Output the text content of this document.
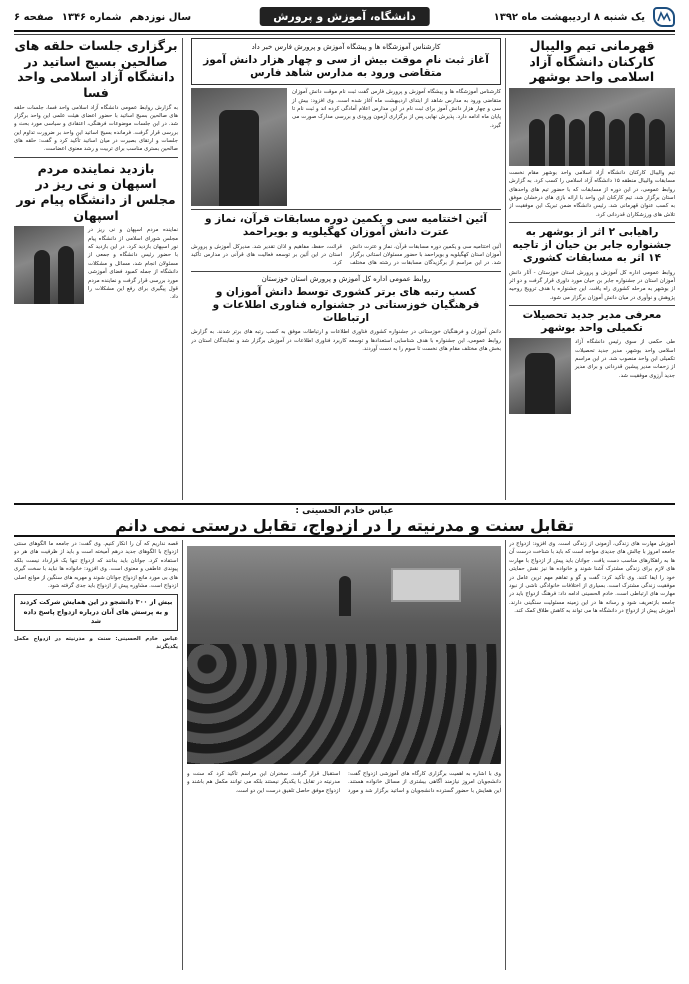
یک شنبه ۸ اردیبهشت ماه ۱۳۹۲
دانشگاه، آموزش و پرورش
سال نوزدهم
شماره ۱۳۴۶
صفحه ۶
قهرمانی تیم والیبال کارکنان دانشگاه آزاد اسلامی واحد بوشهر
تیم والیبال کارکنان دانشگاه آزاد اسلامی واحد بوشهر مقام نخست مسابقات والیبال منطقه ۱۵ دانشگاه آزاد اسلامی را کسب کرد. به گزارش روابط عمومی، در این دوره از مسابقات که با حضور تیم های واحدهای استان برگزار شد، تیم کارکنان این واحد با ارائه بازی های درخشان موفق به کسب عنوان قهرمانی شد. رئیس دانشگاه ضمن تبریک این موفقیت از تلاش های ورزشکاران قدردانی کرد.
راهیابی ۲ اثر از بوشهر به جشنواره جابر بن حیان از تاجیه ۱۴ اثر به مسابقات کشوری
روابط عمومی اداره کل آموزش و پرورش استان خوزستان - آثار دانش آموزان استان در جشنواره جابر بن حیان مورد داوری قرار گرفت و دو اثر از بوشهر به مرحله کشوری راه یافت. این جشنواره با هدف ترویج روحیه پژوهش و نوآوری در میان دانش آموزان برگزار می شود.
معرفی مدیر جدید تحصیلات تکمیلی واحد بوشهر
طی حکمی از سوی رئیس دانشگاه آزاد اسلامی واحد بوشهر، مدیر جدید تحصیلات تکمیلی این واحد منصوب شد. در این مراسم از زحمات مدیر پیشین قدردانی و برای مدیر جدید آرزوی موفقیت شد.
کارشناس آموزشگاه ها و پیشگاه آموزش و پرورش فارس خبر داد
آغاز ثبت نام موقت بیش از سی و چهار هزار دانش آموز متقاضی ورود به مدارس شاهد فارس
کارشناس آموزشگاه ها و پیشگاه آموزش و پرورش فارس گفت ثبت نام موقت دانش آموزان متقاضی ورود به مدارس شاهد از ابتدای اردیبهشت ماه آغاز شده است. وی افزود: بیش از سی و چهار هزار دانش آموز برای ثبت نام در این مدارس اعلام آمادگی کرده اند و ثبت نام تا پایان ماه ادامه دارد. پذیرش نهایی پس از برگزاری آزمون ورودی و بررسی مدارک صورت می گیرد.
آئین اختتامیه سی و یکمین دوره مسابقات قرآن، نماز و عترت دانش آموزان کهگیلویه و بویراحمد
آئین اختتامیه سی و یکمین دوره مسابقات قرآن، نماز و عترت دانش آموزان استان کهگیلویه و بویراحمد با حضور مسئولان استانی برگزار شد. در این مراسم از برگزیدگان مسابقات در رشته های مختلف قرائت، حفظ، مفاهیم و اذان تقدیر شد. مدیرکل آموزش و پرورش استان در این آئین بر توسعه فعالیت های قرآنی در مدارس تأکید کرد.
روابط عمومی اداره کل آموزش و پرورش استان خوزستان
کسب رتبه های برتر کشوری توسط دانش آموزان و فرهنگیان خوزستانی در جشنواره فناوری اطلاعات و ارتباطات
دانش آموزان و فرهنگیان خوزستانی در جشنواره کشوری فناوری اطلاعات و ارتباطات موفق به کسب رتبه های برتر شدند. به گزارش روابط عمومی، این جشنواره با هدف شناسایی استعدادها و توسعه کاربرد فناوری اطلاعات در آموزش برگزار شد و نمایندگان استان در بخش های مختلف مقام های نخست تا سوم را به دست آوردند.
برگزاری جلسات حلقه های صالحین بسیج اساتید در دانشگاه آزاد اسلامی واحد فسا
به گزارش روابط عمومی دانشگاه آزاد اسلامی واحد فسا، جلسات حلقه های صالحین بسیج اساتید با حضور اعضای هیئت علمی این واحد برگزار شد. در این جلسات موضوعات فرهنگی، اعتقادی و سیاسی مورد بحث و بررسی قرار گرفت. فرمانده بسیج اساتید این واحد بر ضرورت تداوم این جلسات و ارتقای بصیرت در میان اساتید تأکید کرد و گفت: حلقه های صالحین بستری مناسب برای تربیت و رشد معنوی اعضاست.
بازدید نماینده مردم اسپهان و نی ریز در مجلس از دانشگاه پیام نور اسپهان
نماینده مردم اسپهان و نی ریز در مجلس شورای اسلامی از دانشگاه پیام نور اسپهان بازدید کرد. در این بازدید که با حضور رئیس دانشگاه و جمعی از مسئولان انجام شد، مسائل و مشکلات دانشگاه از جمله کمبود فضای آموزشی مورد بررسی قرار گرفت و نماینده مردم قول پیگیری برای رفع این مشکلات را داد.
عباس خادم الحسینی :
تقابل سنت و مدرنیته را در ازدواج، تقابل درستی نمی دانم
آموزش مهارت های زندگی، آزمونی از زندگی است. وی افزود: ازدواج در جامعه امروز با چالش های جدیدی مواجه است که باید با شناخت درست آن ها به راهکارهای مناسب دست یافت. جوانان باید پیش از ازدواج با مهارت های لازم برای زندگی مشترک آشنا شوند و خانواده ها نیز نقش حمایتی خود را ایفا کنند. وی تأکید کرد: گفت و گو و تفاهم مهم ترین عامل در موفقیت زندگی مشترک است. بسیاری از اختلافات خانوادگی ناشی از نبود مهارت های ارتباطی است. خادم الحسینی ادامه داد: فرهنگ ازدواج باید در جامعه بازتعریف شود و رسانه ها در این زمینه مسئولیت سنگینی دارند. آموزش پیش از ازدواج در دانشگاه ها می تواند به کاهش طلاق کمک کند.
وی با اشاره به اهمیت برگزاری کارگاه های آموزشی ازدواج گفت: دانشجویان امروز نیازمند آگاهی بیشتری از مسائل خانواده هستند. این همایش با حضور گسترده دانشجویان و اساتید برگزار شد و مورد استقبال قرار گرفت. سخنران این مراسم تأکید کرد که سنت و مدرنیته در تقابل با یکدیگر نیستند بلکه می توانند مکمل هم باشند و ازدواج موفق حاصل تلفیق درست این دو است.
قصه نداریم که آن را انکار کنیم. وی گفت: در جامعه ما الگوهای سنتی ازدواج با الگوهای جدید درهم آمیخته است و باید از ظرفیت های هر دو استفاده کرد. جوانان باید بدانند که ازدواج تنها یک قرارداد نیست بلکه پیوندی عاطفی و معنوی است. وی افزود: خانواده ها نباید با سخت گیری های بی مورد مانع ازدواج جوانان شوند و مهریه های سنگین از موانع اصلی ازدواج است. مشاوره پیش از ازدواج باید جدی گرفته شود.
بیش از ۳۰۰ دانشجو در این همایش شرکت کردند و به پرسش های آنان درباره ازدواج پاسخ داده شد
عباس خادم الحسینی: سنت و مدرنیته در ازدواج مکمل یکدیگرند
